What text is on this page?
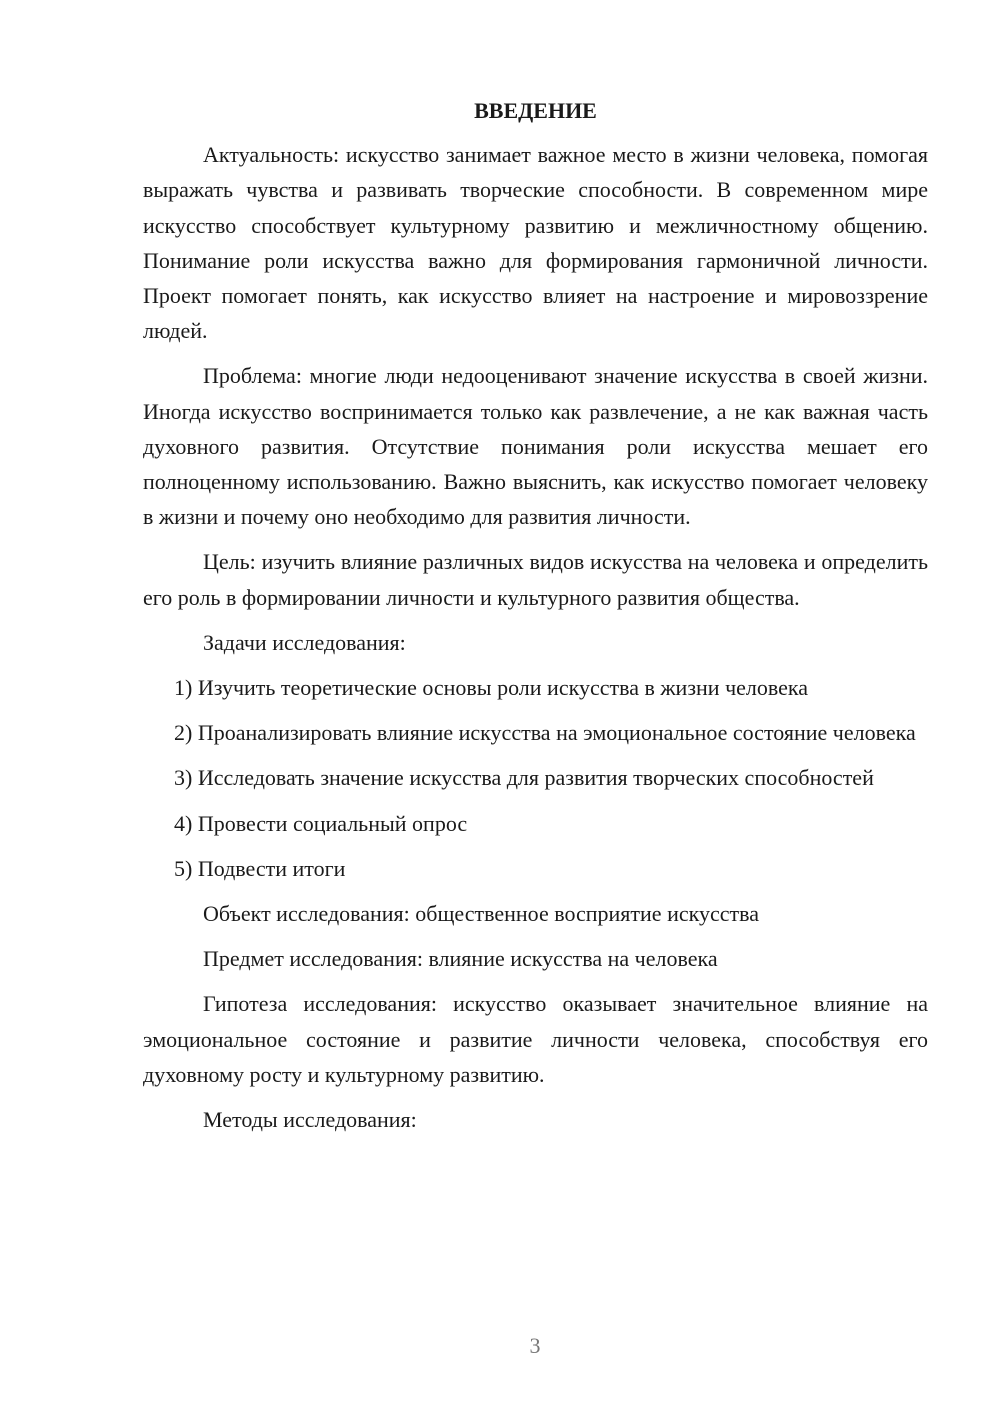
ВВЕДЕНИЕ

Актуальность: искусство занимает важное место в жизни человека, помогая выражать чувства и развивать творческие способности. В современном мире искусство способствует культурному развитию и межличностному общению. Понимание роли искусства важно для формирования гармоничной личности. Проект помогает понять, как искусство влияет на настроение и мировоззрение людей.

Проблема: многие люди недооценивают значение искусства в своей жизни. Иногда искусство воспринимается только как развлечение, а не как важная часть духовного развития. Отсутствие понимания роли искусства мешает его полноценному использованию. Важно выяснить, как искусство помогает человеку в жизни и почему оно необходимо для развития личности.

Цель: изучить влияние различных видов искусства на человека и определить его роль в формировании личности и культурного развития общества.

Задачи исследования:

1) Изучить теоретические основы роли искусства в жизни человека

2) Проанализировать влияние искусства на эмоциональное состояние человека

3) Исследовать значение искусства для развития творческих способностей

4) Провести социальный опрос

5) Подвести итоги

Объект исследования: общественное восприятие искусства

Предмет исследования: влияние искусства на человека

Гипотеза исследования: искусство оказывает значительное влияние на эмоциональное состояние и развитие личности человека, способствуя его духовному росту и культурному развитию.

Методы исследования:

3
